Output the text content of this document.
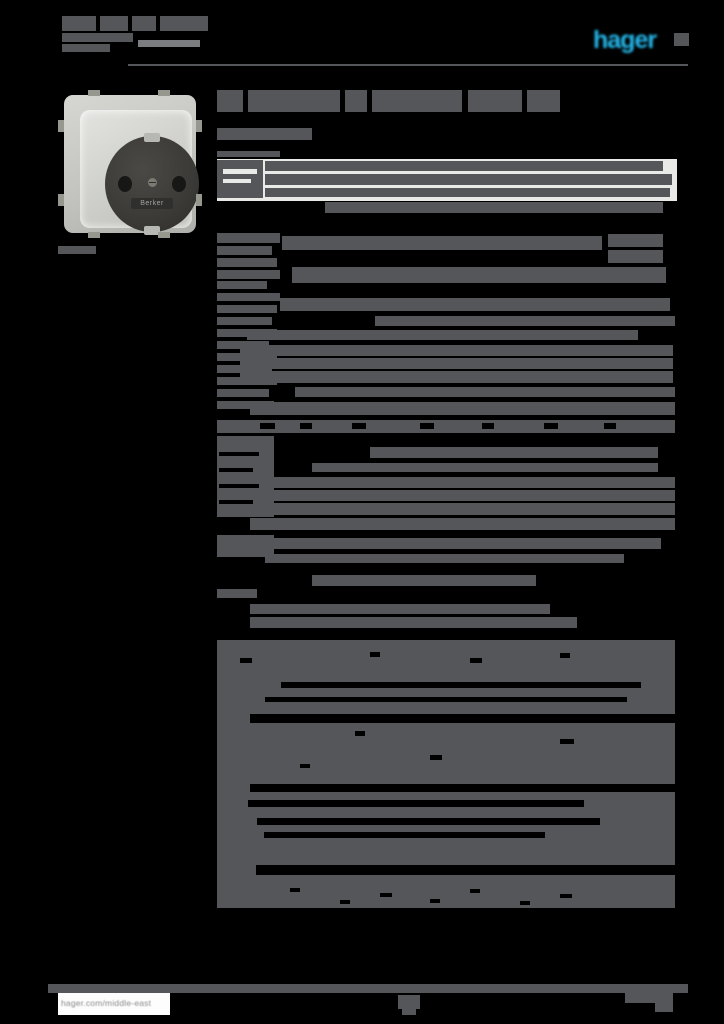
hager
Berker
hager.com/middle-east
